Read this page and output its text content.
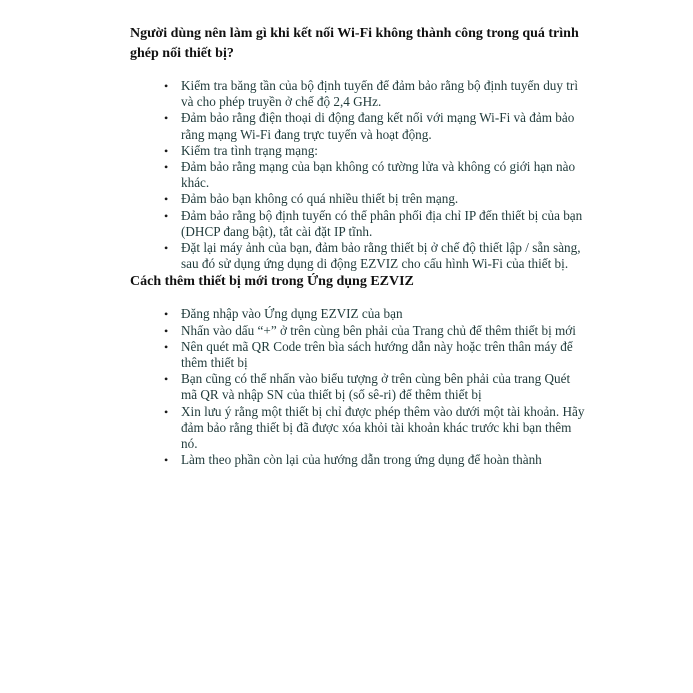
Người dùng nên làm gì khi kết nối Wi-Fi không thành công trong quá trình ghép nối thiết bị?

• Kiểm tra băng tần của bộ định tuyến để đảm bảo rằng bộ định tuyến duy trì và cho phép truyền ở chế độ 2,4 GHz.
• Đảm bảo rằng điện thoại di động đang kết nối với mạng Wi-Fi và đảm bảo rằng mạng Wi-Fi đang trực tuyến và hoạt động.
• Kiểm tra tình trạng mạng:
• Đảm bảo rằng mạng của bạn không có tường lửa và không có giới hạn nào khác.
• Đảm bảo bạn không có quá nhiều thiết bị trên mạng.
• Đảm bảo rằng bộ định tuyến có thể phân phối địa chỉ IP đến thiết bị của bạn (DHCP đang bật), tắt cài đặt IP tĩnh.
• Đặt lại máy ảnh của bạn, đảm bảo rằng thiết bị ở chế độ thiết lập / sẵn sàng, sau đó sử dụng ứng dụng di động EZVIZ cho cấu hình Wi-Fi của thiết bị.

Cách thêm thiết bị mới trong Ứng dụng EZVIZ

• Đăng nhập vào Ứng dụng EZVIZ của bạn
• Nhấn vào dấu “+” ở trên cùng bên phải của Trang chủ để thêm thiết bị mới
• Nên quét mã QR Code trên bìa sách hướng dẫn này hoặc trên thân máy để thêm thiết bị
• Bạn cũng có thể nhấn vào biểu tượng ở trên cùng bên phải của trang Quét mã QR và nhập SN của thiết bị (số sê-ri) để thêm thiết bị
• Xin lưu ý rằng một thiết bị chỉ được phép thêm vào dưới một tài khoản. Hãy đảm bảo rằng thiết bị đã được xóa khỏi tài khoản khác trước khi bạn thêm nó.
• Làm theo phần còn lại của hướng dẫn trong ứng dụng để hoàn thành
